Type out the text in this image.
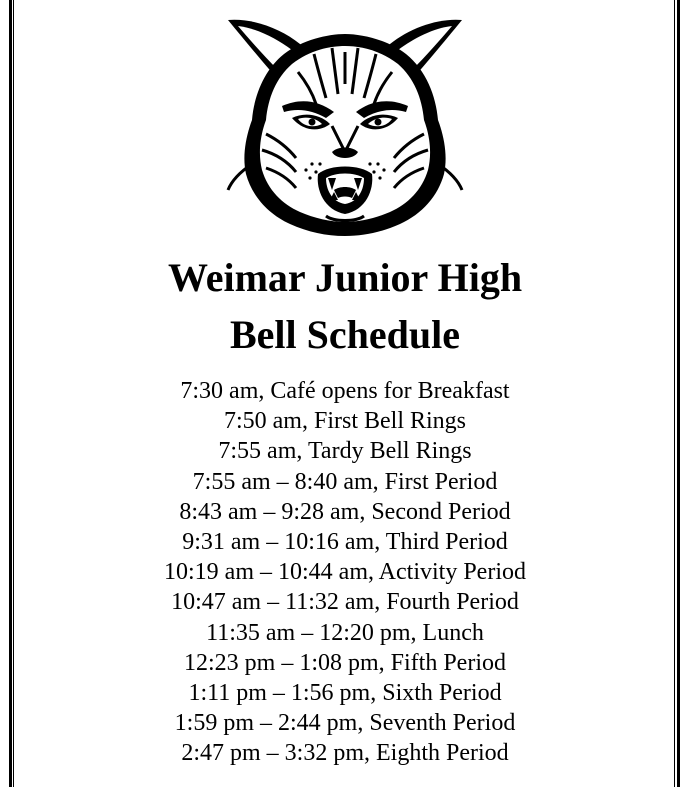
Weimar Junior High
Bell Schedule
7:30 am, Café opens for Breakfast
7:50 am, First Bell Rings
7:55 am, Tardy Bell Rings
7:55 am – 8:40 am, First Period
8:43 am – 9:28 am, Second Period
9:31 am – 10:16 am, Third Period
10:19 am – 10:44 am, Activity Period
10:47 am – 11:32 am, Fourth Period
11:35 am – 12:20 pm, Lunch
12:23 pm – 1:08 pm, Fifth Period
1:11 pm – 1:56 pm, Sixth Period
1:59 pm – 2:44 pm, Seventh Period
2:47 pm – 3:32 pm, Eighth Period
